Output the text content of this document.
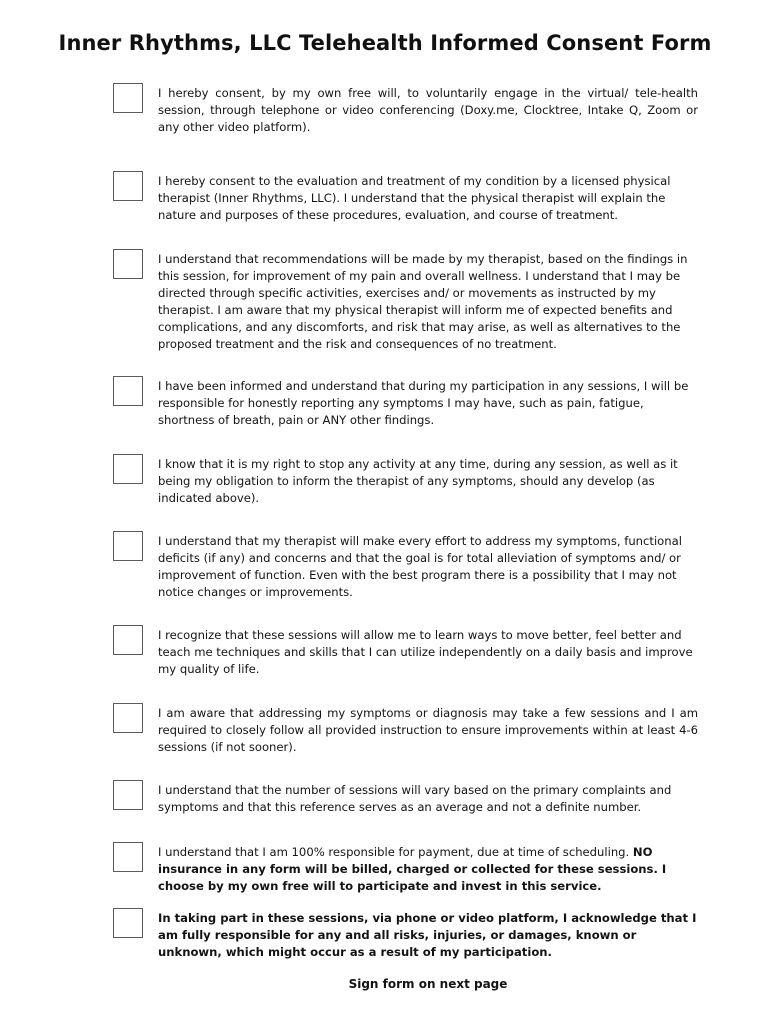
Inner Rhythms, LLC Telehealth Informed Consent Form

I hereby consent, by my own free will, to voluntarily engage in the virtual/ tele-health session, through telephone or video conferencing (Doxy.me, Clocktree, Intake Q, Zoom or any other video platform).

I hereby consent to the evaluation and treatment of my condition by a licensed physical therapist (Inner Rhythms, LLC). I understand that the physical therapist will explain the nature and purposes of these procedures, evaluation, and course of treatment.

I understand that recommendations will be made by my therapist, based on the findings in this session, for improvement of my pain and overall wellness. I understand that I may be directed through specific activities, exercises and/ or movements as instructed by my therapist. I am aware that my physical therapist will inform me of expected benefits and complications, and any discomforts, and risk that may arise, as well as alternatives to the proposed treatment and the risk and consequences of no treatment.

I have been informed and understand that during my participation in any sessions, I will be responsible for honestly reporting any symptoms I may have, such as pain, fatigue, shortness of breath, pain or ANY other findings.

I know that it is my right to stop any activity at any time, during any session, as well as it being my obligation to inform the therapist of any symptoms, should any develop (as indicated above).

I understand that my therapist will make every effort to address my symptoms, functional deficits (if any) and concerns and that the goal is for total alleviation of symptoms and/ or improvement of function. Even with the best program there is a possibility that I may not notice changes or improvements.

I recognize that these sessions will allow me to learn ways to move better, feel better and teach me techniques and skills that I can utilize independently on a daily basis and improve my quality of life.

I am aware that addressing my symptoms or diagnosis may take a few sessions and I am required to closely follow all provided instruction to ensure improvements within at least 4-6 sessions (if not sooner).

I understand that the number of sessions will vary based on the primary complaints and symptoms and that this reference serves as an average and not a definite number.

I understand that I am 100% responsible for payment, due at time of scheduling. NO insurance in any form will be billed, charged or collected for these sessions. I choose by my own free will to participate and invest in this service.

In taking part in these sessions, via phone or video platform, I acknowledge that I am fully responsible for any and all risks, injuries, or damages, known or unknown, which might occur as a result of my participation.

Sign form on next page
